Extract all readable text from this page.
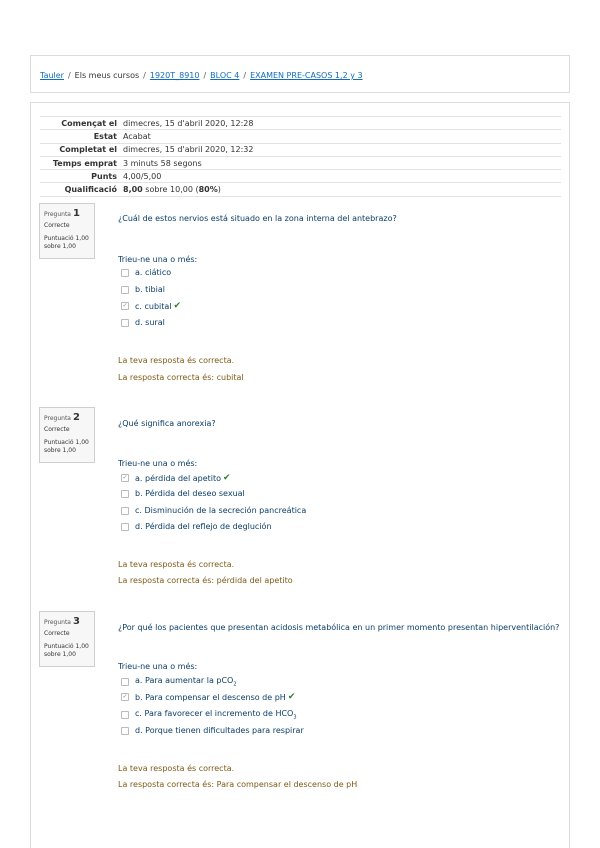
Tauler / Els meus cursos / 1920T_8910 / BLOC 4 / EXAMEN PRE-CASOS 1,2 y 3
Començat el	dimecres, 15 d'abril 2020, 12:28
Estat	Acabat
Completat el	dimecres, 15 d'abril 2020, 12:32
Temps emprat	3 minuts 58 segons
Punts	4,00/5,00
Qualificació	8,00 sobre 10,00 (80%)
Pregunta 1
Correcte
Puntuació 1,00
sobre 1,00
¿Cuál de estos nervios está situado en la zona interna del antebrazo?
Trieu-ne una o més:
a. ciático
b. tibial
✓ c. cubital ✔
d. sural
La teva resposta és correcta.
La resposta correcta és: cubital
Pregunta 2
Correcte
Puntuació 1,00
sobre 1,00
¿Qué significa anorexia?
Trieu-ne una o més:
✓ a. pérdida del apetito ✔
b. Pérdida del deseo sexual
c. Disminución de la secreción pancreática
d. Pérdida del reflejo de deglución
La teva resposta és correcta.
La resposta correcta és: pérdida del apetito
Pregunta 3
Correcte
Puntuació 1,00
sobre 1,00
¿Por qué los pacientes que presentan acidosis metabólica en un primer momento presentan hiperventilación?
Trieu-ne una o més:
a. Para aumentar la pCO$_2$
✓ b. Para compensar el descenso de pH ✔
c. Para favorecer el incremento de $HCO_3$
d. Porque tienen dificultades para respirar
La teva resposta és correcta.
La resposta correcta és: Para compensar el descenso de pH
